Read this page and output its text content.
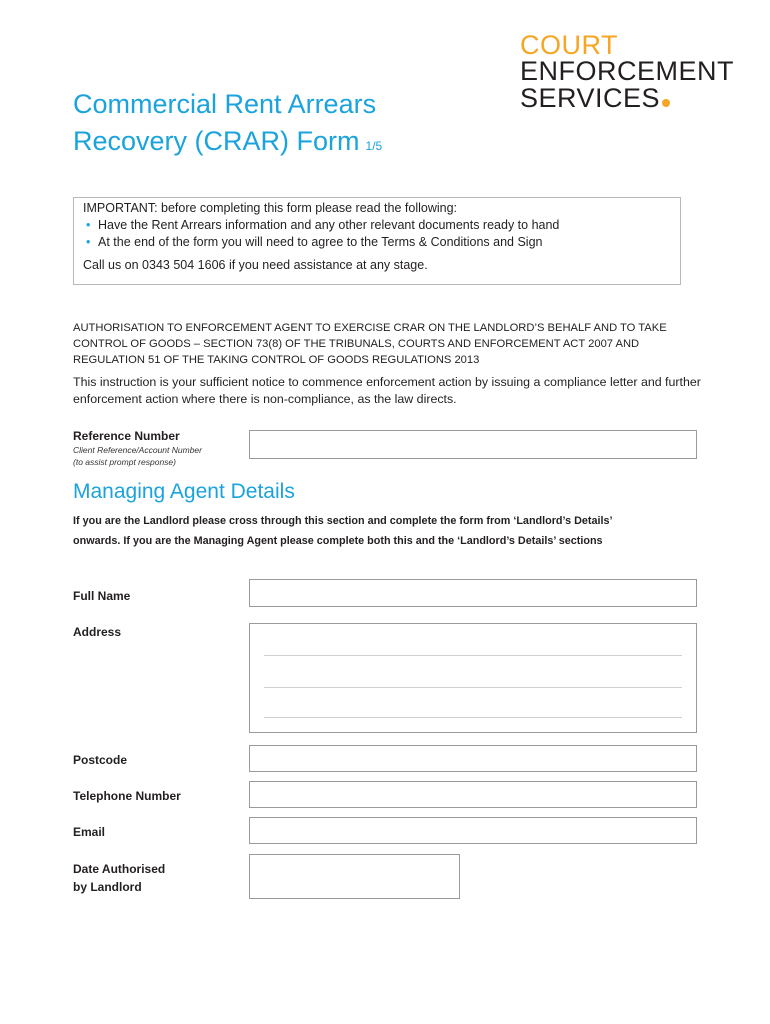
COURT
ENFORCEMENT
SERVICES
Commercial Rent Arrears
Recovery (CRAR) Form 1/5
IMPORTANT: before completing this form please read the following:
• Have the Rent Arrears information and any other relevant documents ready to hand
• At the end of the form you will need to agree to the Terms & Conditions and Sign
Call us on 0343 504 1606 if you need assistance at any stage.
AUTHORISATION TO ENFORCEMENT AGENT TO EXERCISE CRAR ON THE LANDLORD’S BEHALF AND TO TAKE CONTROL OF GOODS – SECTION 73(8) OF THE TRIBUNALS, COURTS AND ENFORCEMENT ACT 2007 AND REGULATION 51 OF THE TAKING CONTROL OF GOODS REGULATIONS 2013
This instruction is your sufficient notice to commence enforcement action by issuing a compliance letter and further enforcement action where there is non-compliance, as the law directs.
Reference Number
Client Reference/Account Number
(to assist prompt response)
Managing Agent Details
If you are the Landlord please cross through this section and complete the form from ‘Landlord’s Details’
onwards. If you are the Managing Agent please complete both this and the ‘Landlord’s Details’ sections
Full Name
Address
Postcode
Telephone Number
Email
Date Authorised
by Landlord
